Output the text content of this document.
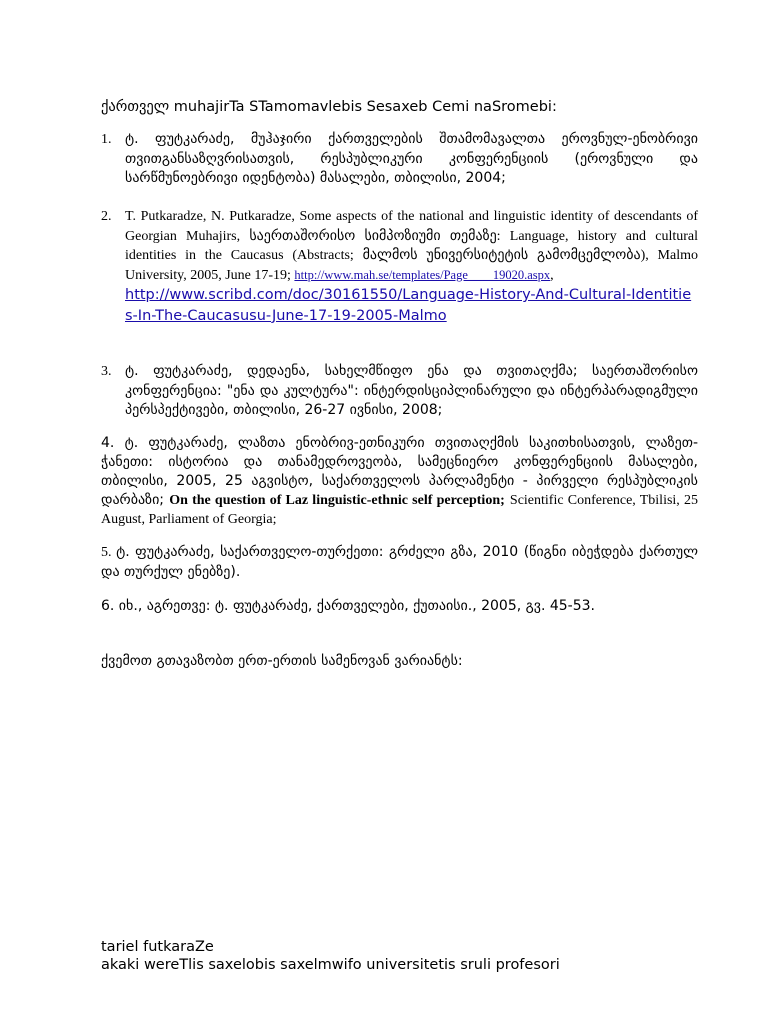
ქართველ muhajirTa STamomavlebis Sesaxeb Cemi naSromebi:
1. ტ. ფუტკარაძე, მუჰაჯირი ქართველების შთამომავალთა ეროვნულ-ენობრივი თვითგანსაზღვრისათვის, რესპუბლიკური კონფერენციის (ეროვნული და სარწმუნოებრივი იდენტობა) მასალები, თბილისი, 2004;
2. T. Putkaradze, N. Putkaradze, Some aspects of the national and linguistic identity of descendants of Georgian Muhajirs, საერთაშორისო სიმპოზიუმი თემაზე: Language, history and cultural identities in the Caucasus (Abstracts; მალმოს უნივერსიტეტის გამომცემლობა), Malmo University, 2005, June 17-19; http://www.mah.se/templates/Page____19020.aspx,
http://www.scribd.com/doc/30161550/Language-History-And-Cultural-Identities-In-The-Caucasusu-June-17-19-2005-Malmo
3. ტ. ფუტკარაძე, დედაენა, სახელმწიფო ენა და თვითაღქმა; საერთაშორისო კონფერენცია: "ენა და კულტურა": ინტერდისციპლინარული და ინტერპარადიგმული პერსპექტივები, თბილისი, 26-27 ივნისი, 2008;
4. ტ. ფუტკარაძე, ლაზთა ენობრივ-ეთნიკური თვითაღქმის საკითხისათვის, ლაზეთ-ჭანეთი: ისტორია და თანამედროვეობა, სამეცნიერო კონფერენციის მასალები, თბილისი, 2005, 25 აგვისტო, საქართველოს პარლამენტი - პირველი რესპუბლიკის დარბაზი; On the question of Laz linguistic-ethnic self perception; Scientific Conference, Tbilisi, 25 August, Parliament of Georgia;
5. ტ. ფუტკარაძე, საქართველო-თურქეთი: გრძელი გზა, 2010 (წიგნი იბეჭდება ქართულ და თურქულ ენებზე).
6. იხ., აგრეთვე: ტ. ფუტკარაძე, ქართველები, ქუთაისი., 2005, გვ. 45-53.
ქვემოთ გთავაზობთ ერთ-ერთის სამენოვან ვარიანტს:
tariel futkaraZe
akaki wereTlis saxelobis saxelmwifo universitetis sruli profesori
